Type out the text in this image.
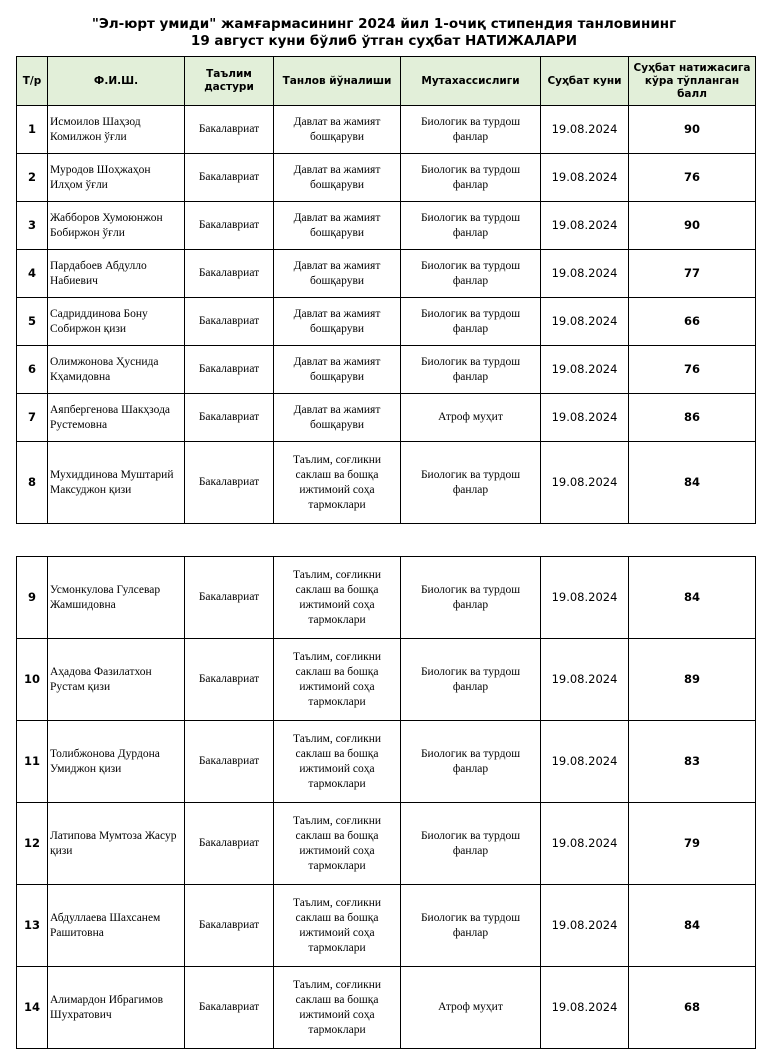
"Эл-юрт умиди" жамғармасининг 2024 йил 1-очиқ стипендия танловининг
19 август куни бўлиб ўтган суҳбат НАТИЖАЛАРИ
Т/р	Ф.И.Ш.	Таълим дастури	Танлов йўналиши	Мутахассислиги	Суҳбат куни	Суҳбат натижасига кўра тўпланган балл
1	Исмоилов Шаҳзод Комилжон ўғли	Бакалавриат	Давлат ва жамият бошқаруви	Биологик ва турдош фанлар	19.08.2024	90
2	Муродов Шоҳжаҳон Илҳом ўғли	Бакалавриат	Давлат ва жамият бошқаруви	Биологик ва турдош фанлар	19.08.2024	76
3	Жабборов Хумоюнжон Бобиржон ўғли	Бакалавриат	Давлат ва жамият бошқаруви	Биологик ва турдош фанлар	19.08.2024	90
4	Пардабоев Абдулло Набиевич	Бакалавриат	Давлат ва жамият бошқаруви	Биологик ва турдош фанлар	19.08.2024	77
5	Садриддинова Бону Собиржон қизи	Бакалавриат	Давлат ва жамият бошқаруви	Биологик ва турдош фанлар	19.08.2024	66
6	Олимжонова Ҳуснида Кҳамидовна	Бакалавриат	Давлат ва жамият бошқаруви	Биологик ва турдош фанлар	19.08.2024	76
7	Аяпбергенова Шакҳзода Рустемовна	Бакалавриат	Давлат ва жамият бошқаруви	Атроф муҳит	19.08.2024	86
8	Мухиддинова Муштарий Максуджон қизи	Бакалавриат	Таълим, соғликни саклаш ва бошқа ижтимоий соҳа тармоклари	Биологик ва турдош фанлар	19.08.2024	84
9	Усмонкулова Гулсевар Жамшидовна	Бакалавриат	Таълим, соғликни саклаш ва бошқа ижтимоий соҳа тармоклари	Биологик ва турдош фанлар	19.08.2024	84
10	Аҳадова Фазилатхон Рустам қизи	Бакалавриат	Таълим, соғликни саклаш ва бошқа ижтимоий соҳа тармоклари	Биологик ва турдош фанлар	19.08.2024	89
11	Толибжонова Дурдона Умиджон қизи	Бакалавриат	Таълим, соғликни саклаш ва бошқа ижтимоий соҳа тармоклари	Биологик ва турдош фанлар	19.08.2024	83
12	Латипова Мумтоза Жасур қизи	Бакалавриат	Таълим, соғликни саклаш ва бошқа ижтимоий соҳа тармоклари	Биологик ва турдош фанлар	19.08.2024	79
13	Абдуллаева Шахсанем Рашитовна	Бакалавриат	Таълим, соғликни саклаш ва бошқа ижтимоий соҳа тармоклари	Биологик ва турдош фанлар	19.08.2024	84
14	Алимардон Ибрагимов Шухратович	Бакалавриат	Таълим, соғликни саклаш ва бошқа ижтимоий соҳа тармоклари	Атроф муҳит	19.08.2024	68
